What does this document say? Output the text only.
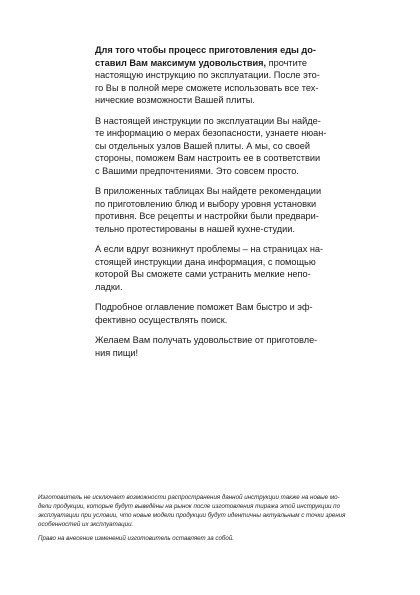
Для того чтобы процесс приготовления еды до-
ставил Вам максимум удовольствия, прочтите
настоящую инструкцию по эксплуатации. После это-
го Вы в полной мере сможете использовать все тех-
нические возможности Вашей плиты.

В настоящей инструкции по эксплуатации Вы найде-
те информацию о мерах безопасности, узнаете нюан-
сы отдельных узлов Вашей плиты. А мы, со своей
стороны, поможем Вам настроить ее в соответствии
с Вашими предпочтениями. Это совсем просто.

В приложенных таблицах Вы найдете рекомендации
по приготовлению блюд и выбору уровня установки
противня. Все рецепты и настройки были предвари-
тельно протестированы в нашей кухне-студии.

А если вдруг возникнут проблемы – на страницах на-
стоящей инструкции дана информация, с помощью
которой Вы сможете сами устранить мелкие непо-
ладки.

Подробное оглавление поможет Вам быстро и эф-
фективно осуществлять поиск.

Желаем Вам получать удовольствие от приготовле-
ния пищи!

Изготовитель не исключает возможности распространения данной инструкции также на новые мо-
дели продукции, которые будут выведёны на рынок после изготовления тиража этой инструкции по
эксплуатации при условии, что новые модели продукции будут идентичны актуальным с точки зрения
особенностей их эксплуатации.

Право на внесение изменений изготовитель оставляет за собой.
